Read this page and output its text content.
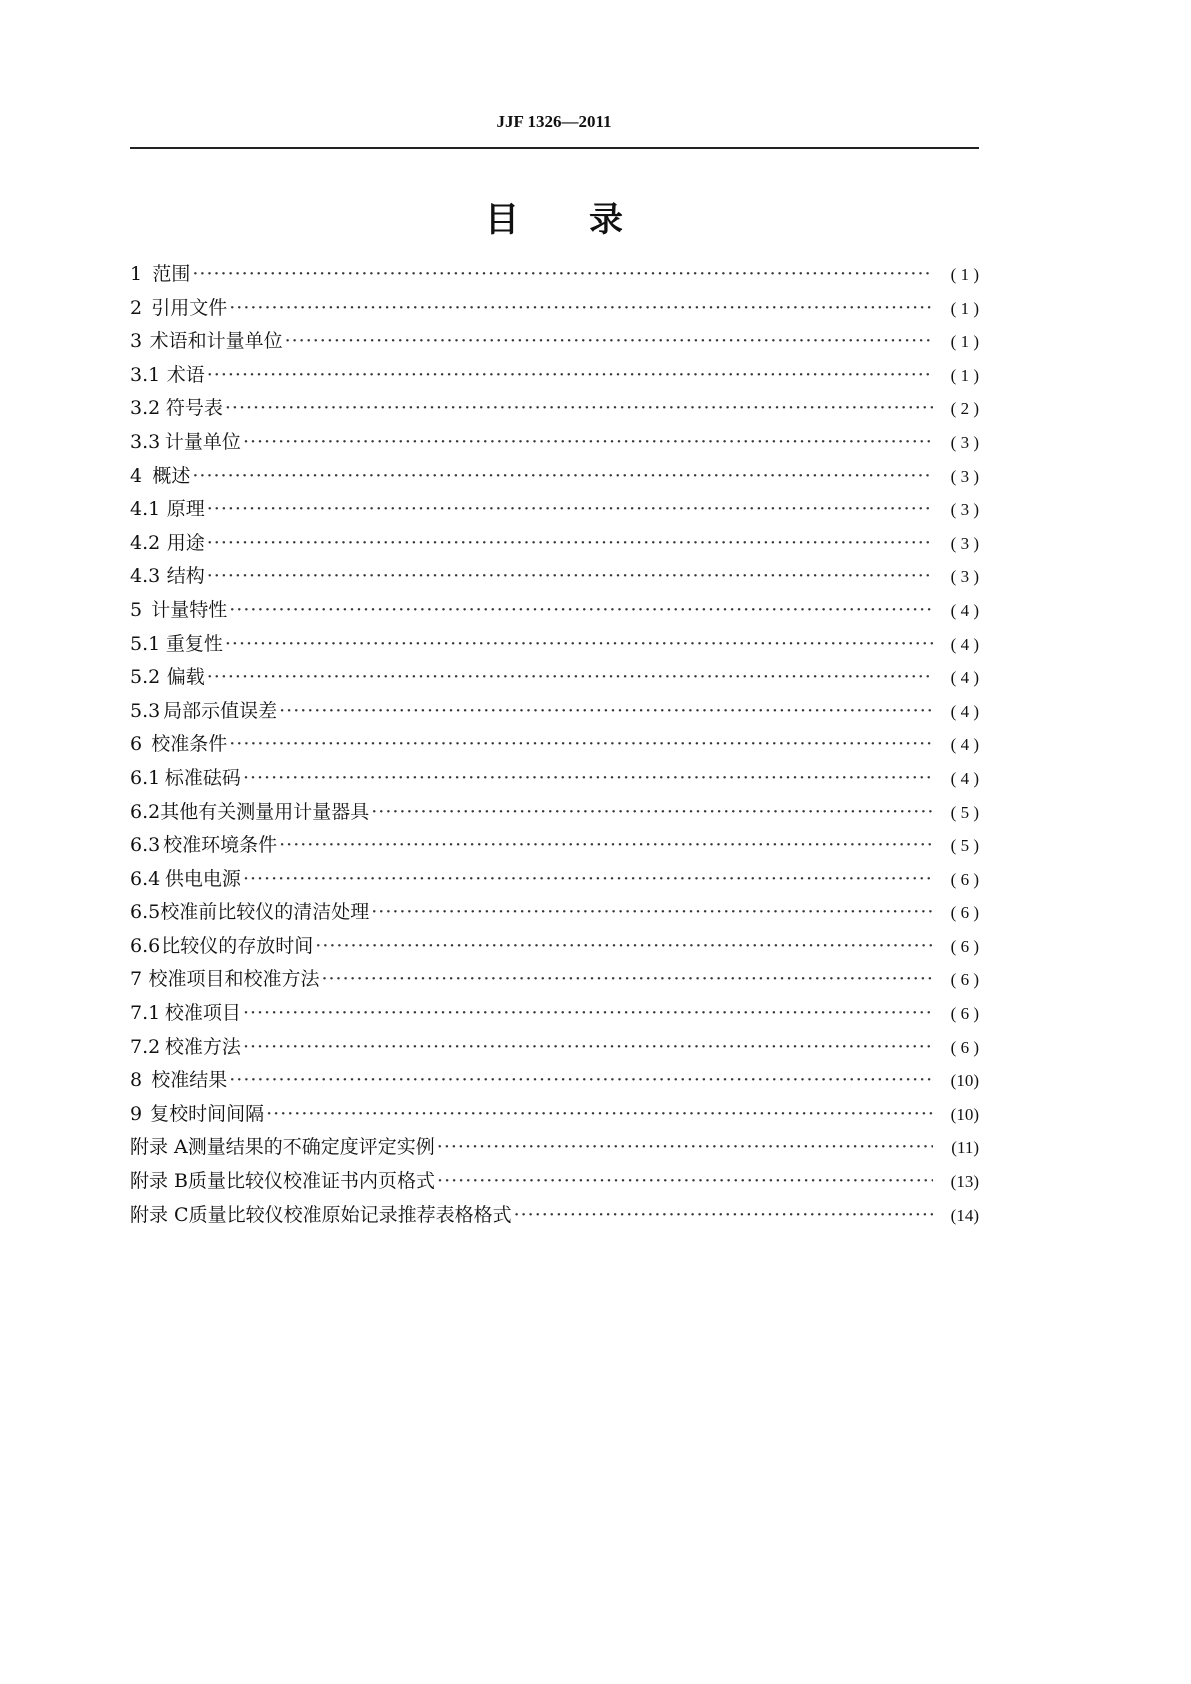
JJF 1326—2011
目 录
1 范围 ·····	( 1 )
2 引用文件 ·····	( 1 )
3 术语和计量单位 ·····	( 1 )
3.1 术语 ·····	( 1 )
3.2 符号表 ·····	( 2 )
3.3 计量单位 ·····	( 3 )
4 概述 ·····	( 3 )
4.1 原理 ·····	( 3 )
4.2 用途 ·····	( 3 )
4.3 结构 ·····	( 3 )
5 计量特性 ·····	( 4 )
5.1 重复性 ·····	( 4 )
5.2 偏载 ·····	( 4 )
5.3 局部示值误差 ·····	( 4 )
6 校准条件 ·····	( 4 )
6.1 标准砝码 ·····	( 4 )
6.2 其他有关测量用计量器具 ·····	( 5 )
6.3 校准环境条件 ·····	( 5 )
6.4 供电电源 ·····	( 6 )
6.5 校准前比较仪的清洁处理 ·····	( 6 )
6.6 比较仪的存放时间 ·····	( 6 )
7 校准项目和校准方法 ·····	( 6 )
7.1 校准项目 ·····	( 6 )
7.2 校准方法 ·····	( 6 )
8 校准结果 ·····	(10)
9 复校时间间隔 ·····	(10)
附录 A 测量结果的不确定度评定实例 ·····	(11)
附录 B 质量比较仪校准证书内页格式 ·····	(13)
附录 C 质量比较仪校准原始记录推荐表格格式 ·····	(14)
